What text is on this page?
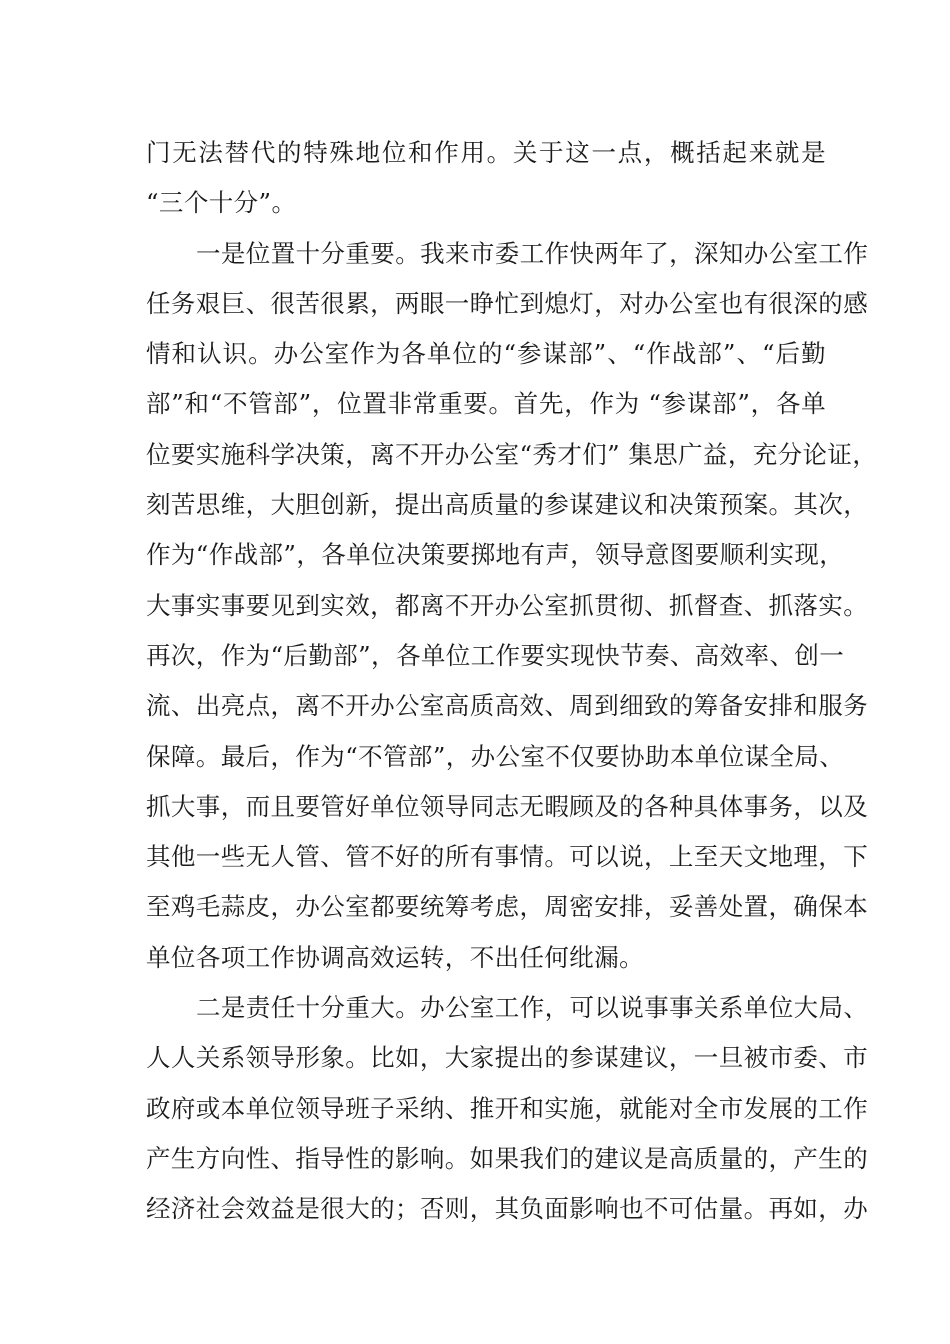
门无法替代的特殊地位和作用。关于这一点，概括起来就是
“三个十分”。
一是位置十分重要。我来市委工作快两年了，深知办公室工作
任务艰巨、很苦很累，两眼一睁忙到熄灯，对办公室也有很深的感
情和认识。办公室作为各单位的“参谋部”、“作战部”、“后勤
部”和“不管部”，位置非常重要。首先，作为 “参谋部”，各单
位要实施科学决策，离不开办公室“秀才们” 集思广益，充分论证，
刻苦思维，大胆创新，提出高质量的参谋建议和决策预案。其次，
作为“作战部”，各单位决策要掷地有声，领导意图要顺利实现，
大事实事要见到实效，都离不开办公室抓贯彻、抓督查、抓落实。
再次，作为“后勤部”，各单位工作要实现快节奏、高效率、创一
流、出亮点，离不开办公室高质高效、周到细致的筹备安排和服务
保障。最后，作为“不管部”，办公室不仅要协助本单位谋全局、
抓大事，而且要管好单位领导同志无暇顾及的各种具体事务，以及
其他一些无人管、管不好的所有事情。可以说，上至天文地理，下
至鸡毛蒜皮，办公室都要统筹考虑，周密安排，妥善处置，确保本
单位各项工作协调高效运转，不出任何纰漏。
二是责任十分重大。办公室工作，可以说事事关系单位大局、
人人关系领导形象。比如，大家提出的参谋建议，一旦被市委、市
政府或本单位领导班子采纳、推开和实施，就能对全市发展的工作
产生方向性、指导性的影响。如果我们的建议是高质量的，产生的
经济社会效益是很大的；否则，其负面影响也不可估量。再如，办
